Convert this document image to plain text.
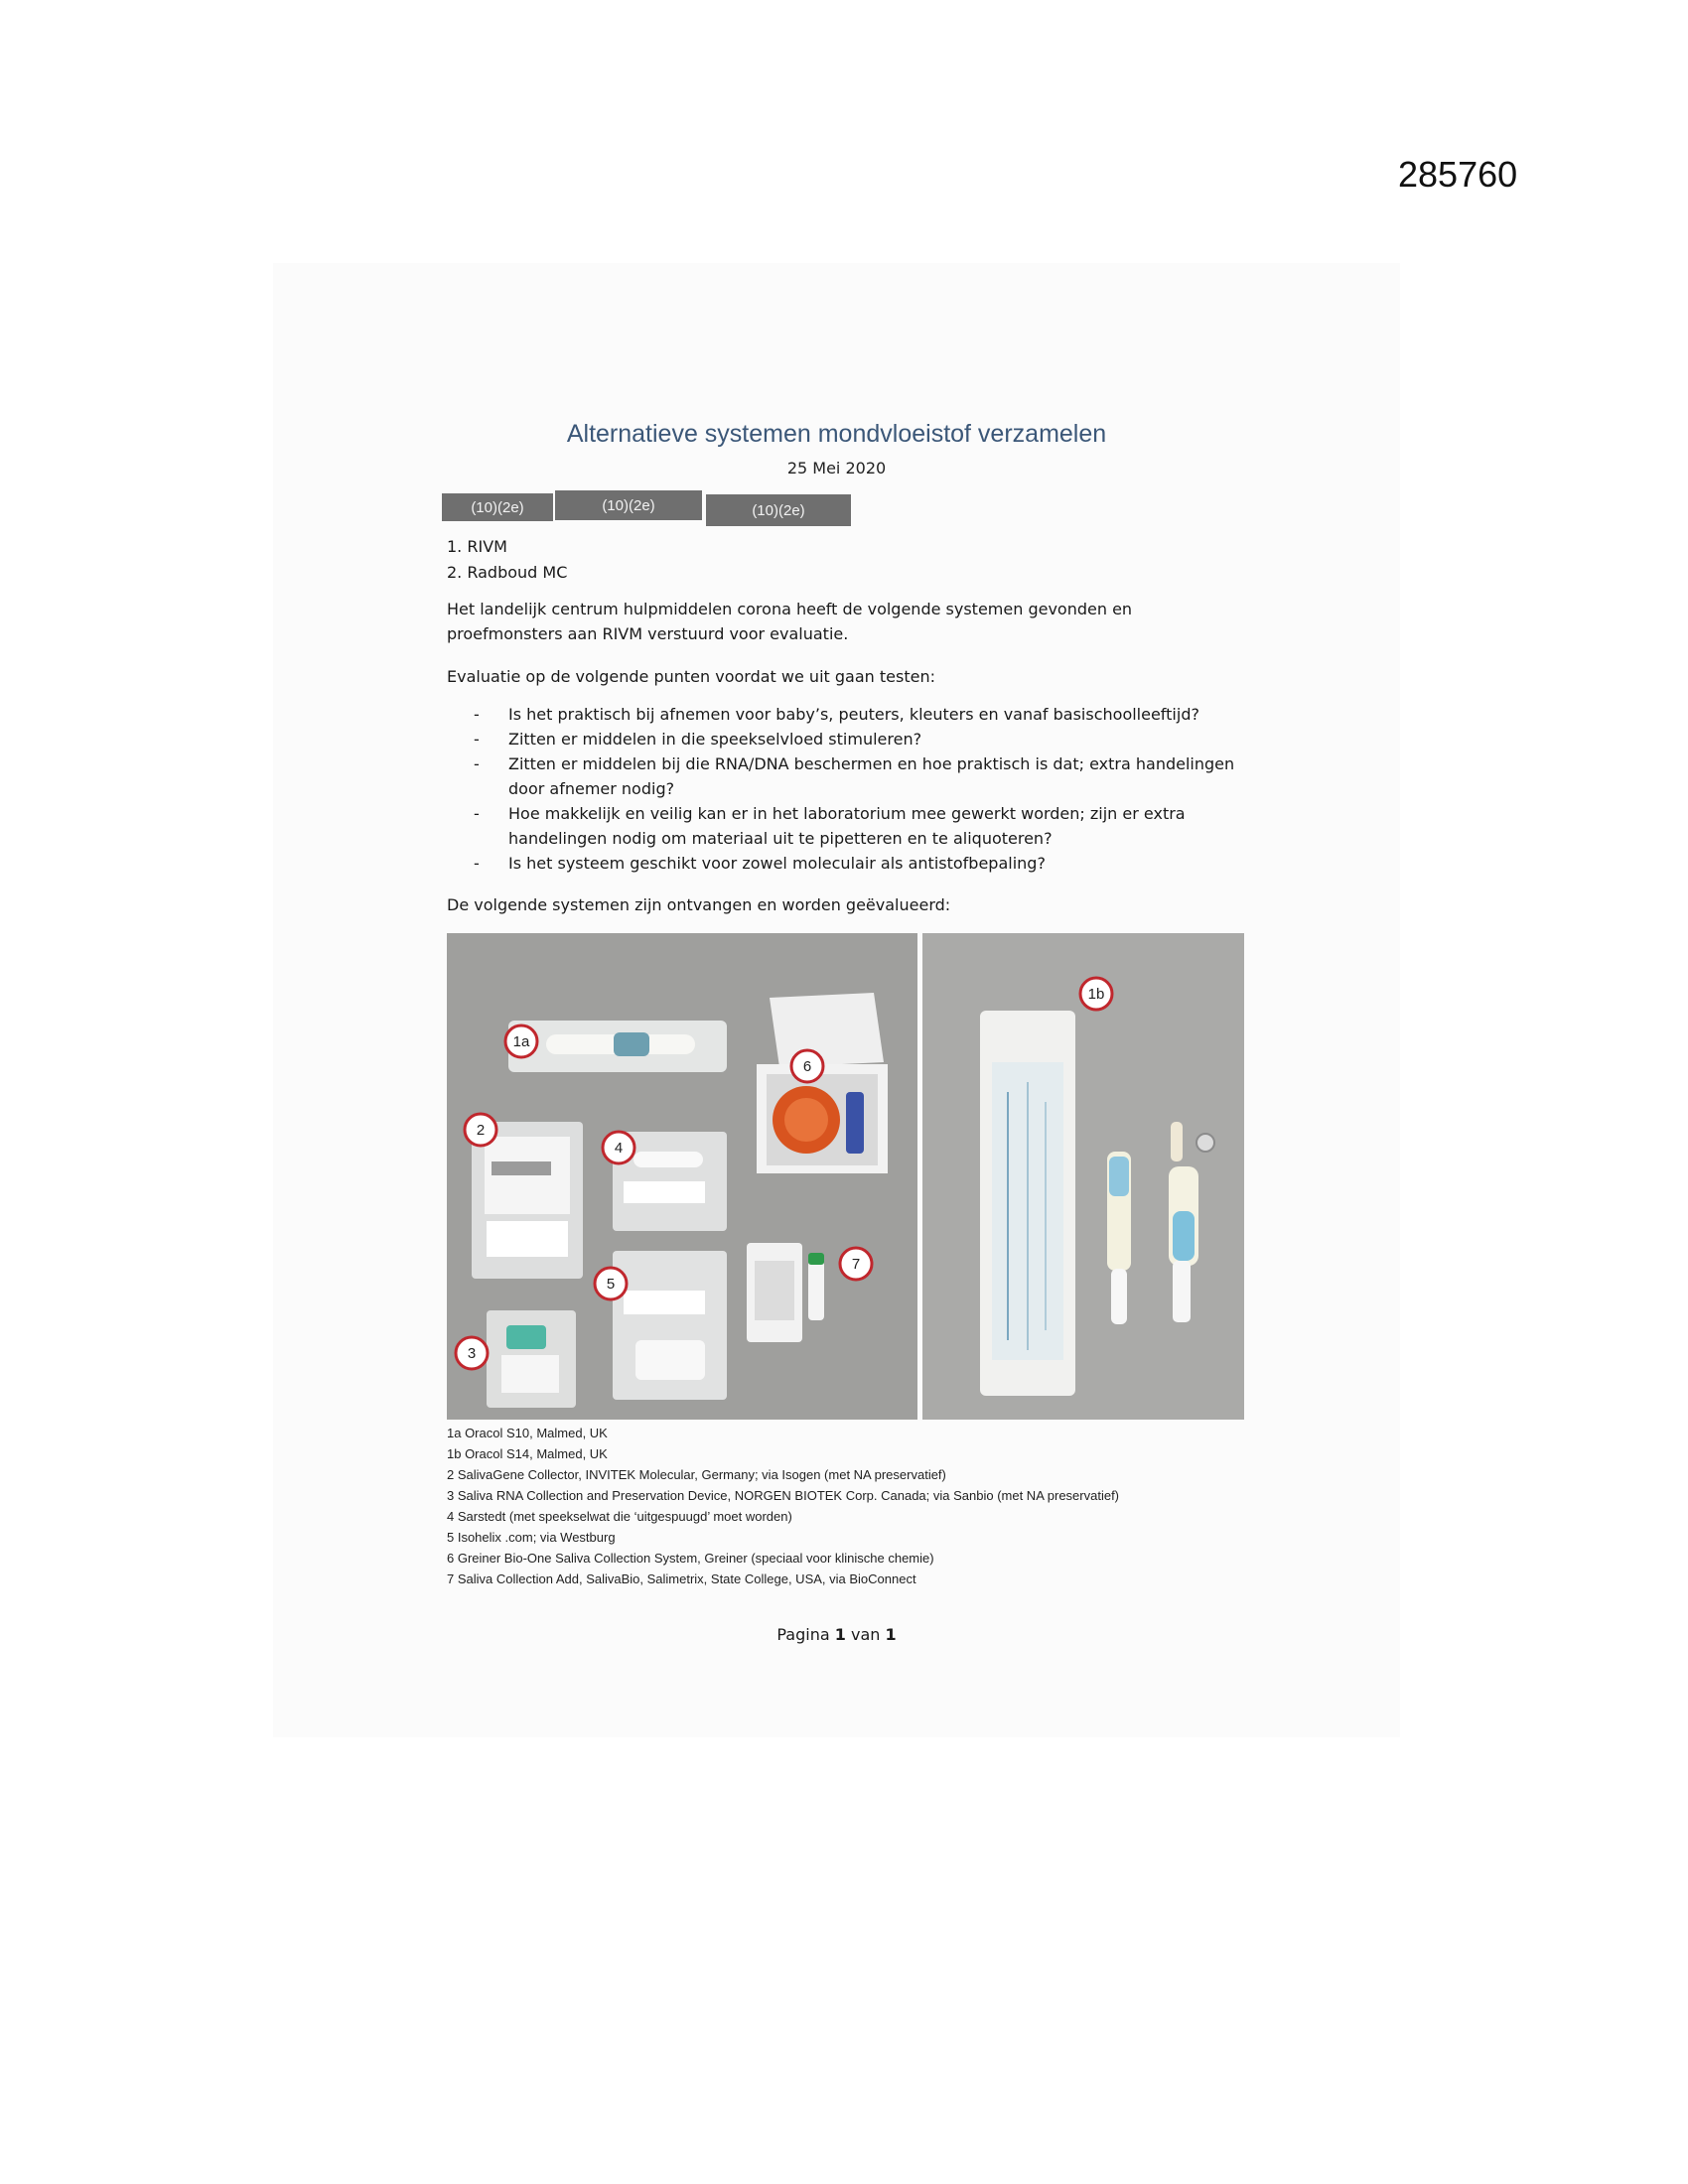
285760
Alternatieve systemen mondvloeistof verzamelen
25 Mei 2020
(10)(2e)	(10)(2e)	(10)(2e)
1. RIVM
2. Radboud MC
Het landelijk centrum hulpmiddelen corona heeft de volgende systemen gevonden en proefmonsters aan RIVM verstuurd voor evaluatie.
Evaluatie op de volgende punten voordat we uit gaan testen:
- Is het praktisch bij afnemen voor baby’s, peuters, kleuters en vanaf basischoolleeftijd?
- Zitten er middelen in die speekselvloed stimuleren?
- Zitten er middelen bij die RNA/DNA beschermen en hoe praktisch is dat; extra handelingen door afnemer nodig?
- Hoe makkelijk en veilig kan er in het laboratorium mee gewerkt worden; zijn er extra handelingen nodig om materiaal uit te pipetteren en te aliquoteren?
- Is het systeem geschikt voor zowel moleculair als antistofbepaling?
De volgende systemen zijn ontvangen en worden geëvalueerd:
1a
2
3
4
5
6
7
1b
1a Oracol S10, Malmed, UK
1b Oracol S14, Malmed, UK
2 SalivaGene Collector, INVITEK Molecular, Germany; via Isogen (met NA preservatief)
3 Saliva RNA Collection and Preservation Device, NORGEN BIOTEK Corp. Canada; via Sanbio (met NA preservatief)
4 Sarstedt (met speekselwat die ‘uitgespuugd’ moet worden)
5 Isohelix .com; via Westburg
6 Greiner Bio-One Saliva Collection System, Greiner (speciaal voor klinische chemie)
7 Saliva Collection Add, SalivaBio, Salimetrix, State College, USA, via BioConnect
Pagina 1 van 1
